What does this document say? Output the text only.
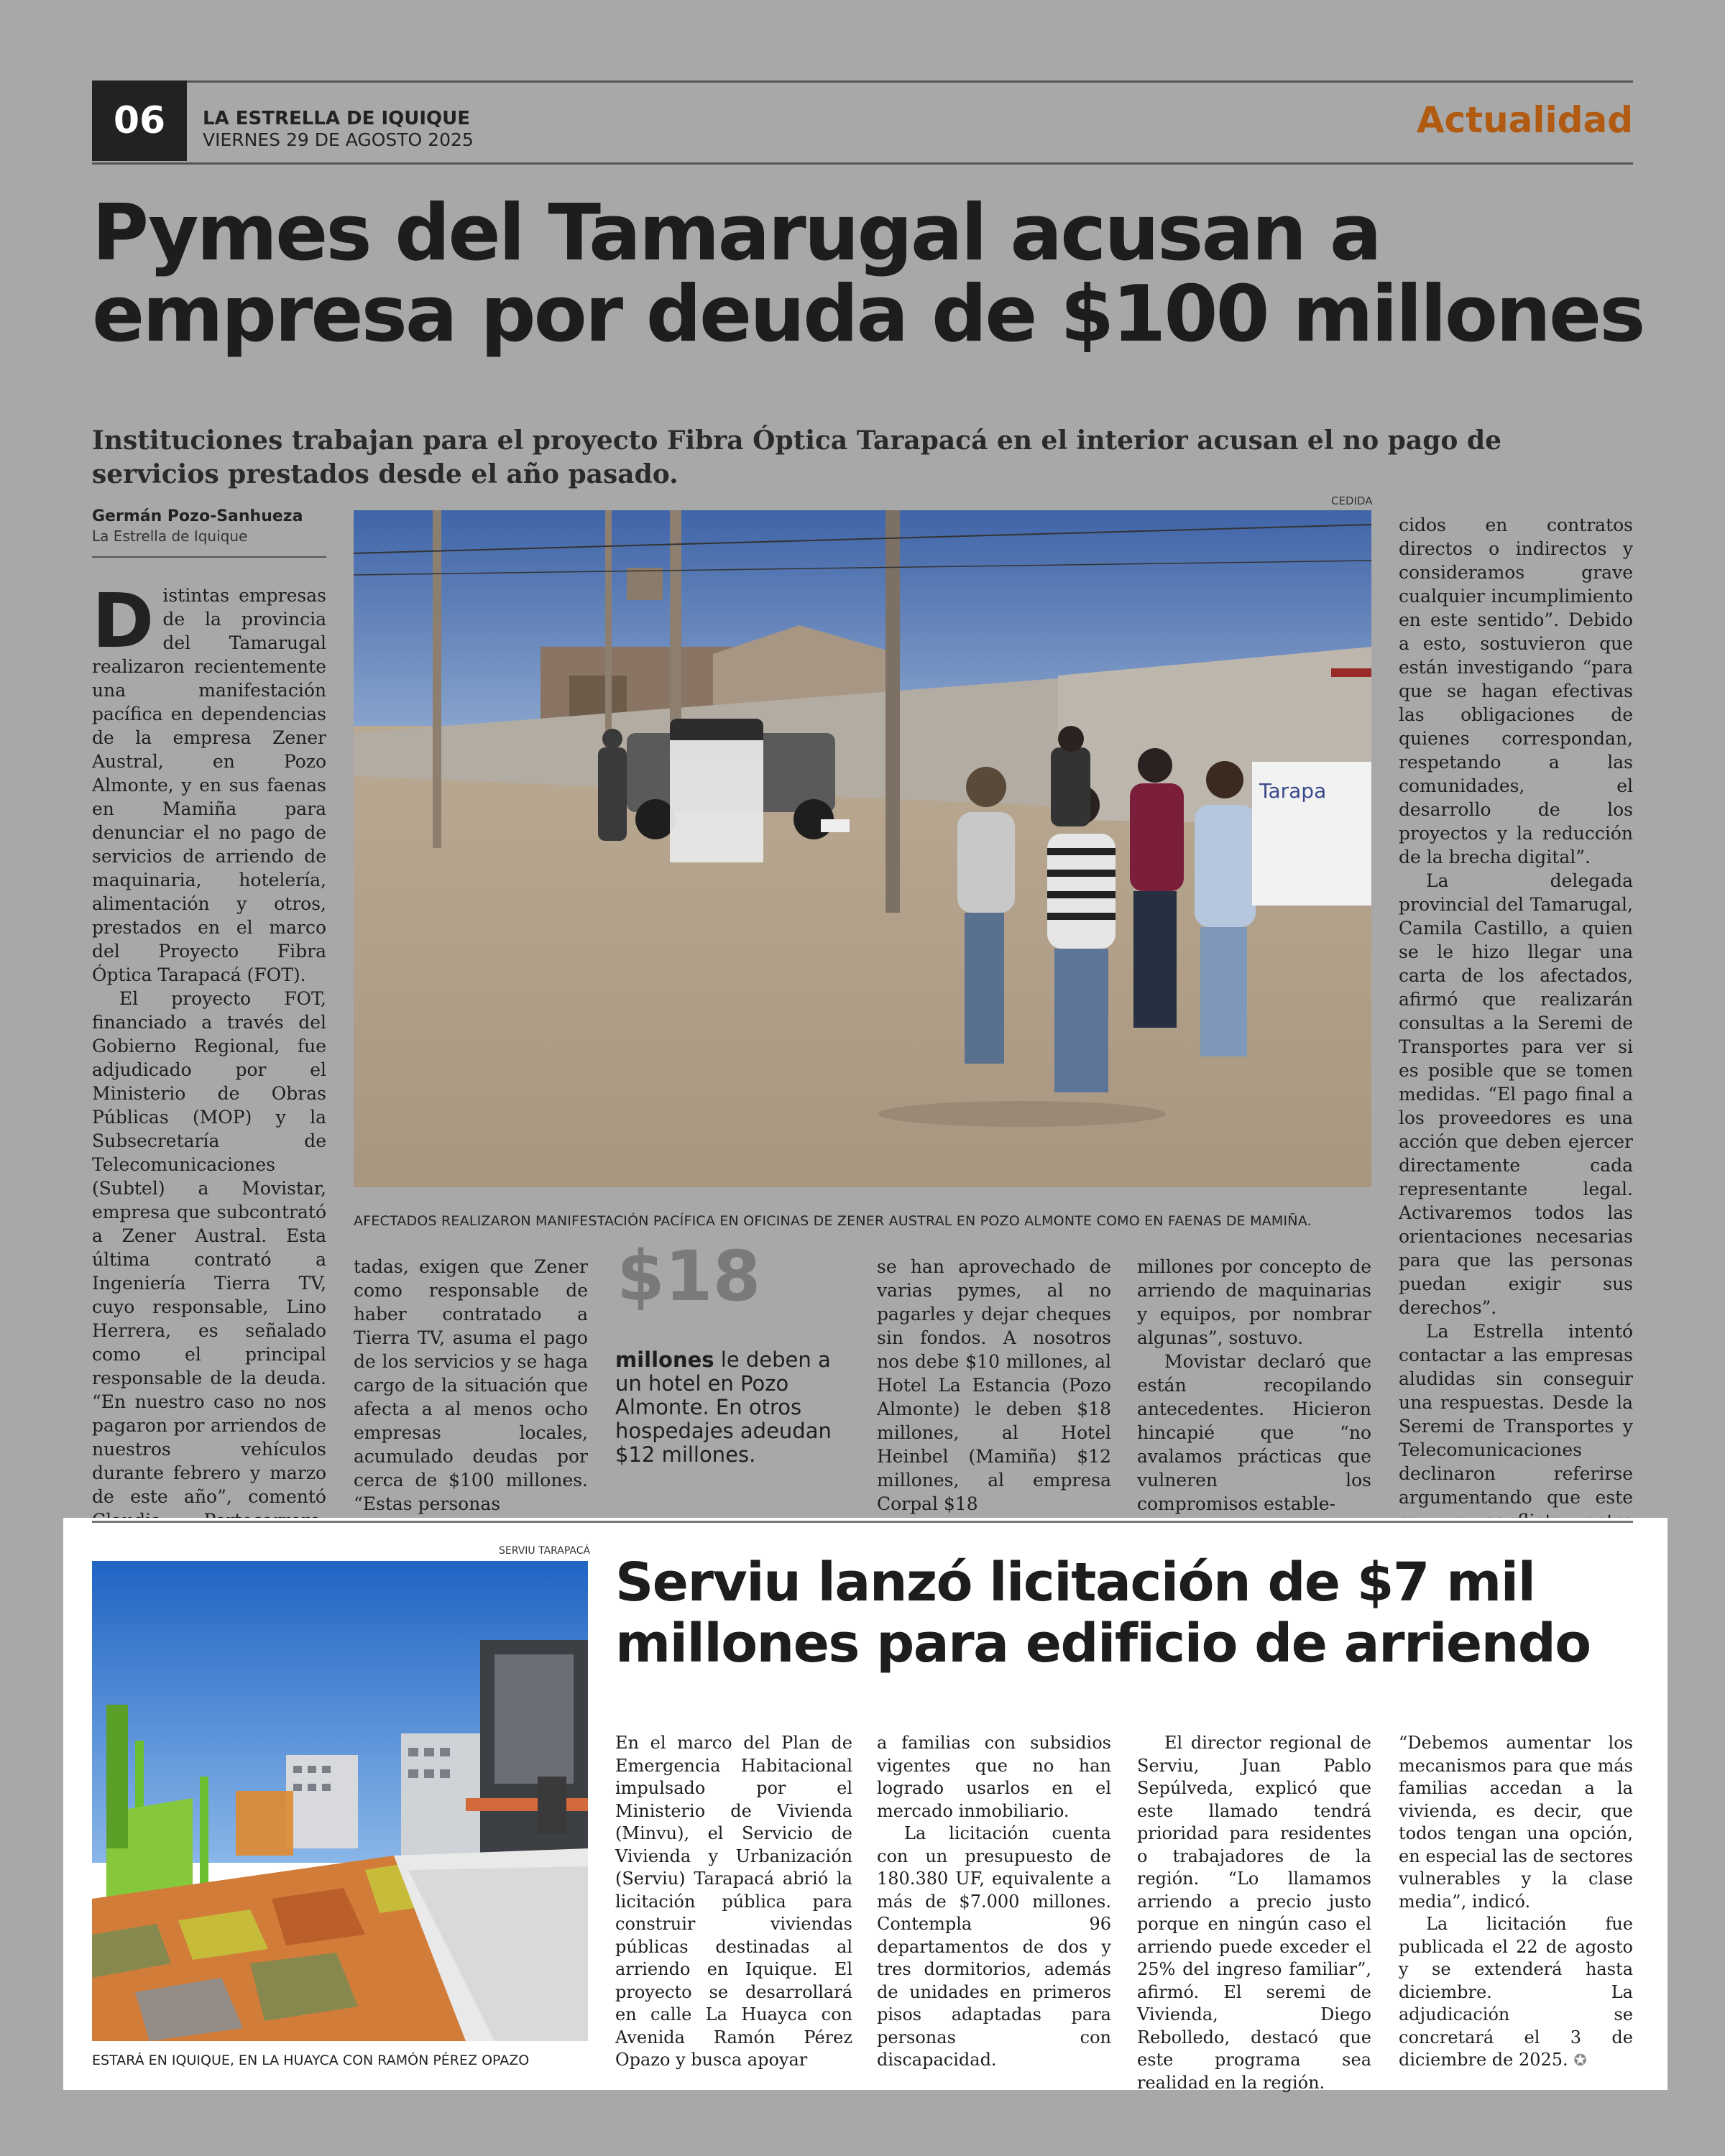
06	LA ESTRELLA DE IQUIQUE
VIERNES 29 DE AGOSTO 2025	Actualidad
Pymes del Tamarugal acusan a
empresa por deuda de $100 millones
Instituciones trabajan para el proyecto Fibra Óptica Tarapacá en el interior acusan el no pago de servicios prestados desde el año pasado.
Germán Pozo-Sanhueza
La Estrella de Iquique
CEDIDA
Tarapa
AFECTADOS REALIZARON MANIFESTACIÓN PACÍFICA EN OFICINAS DE ZENER AUSTRAL EN POZO ALMONTE COMO EN FAENAS DE MAMIÑA.

Distintas empresas de la provincia del Tamarugal realizaron recientemente una manifestación pacífica en dependencias de la empresa Zener Austral, en Pozo Almonte, y en sus faenas en Mamiña para denunciar el no pago de servicios de arriendo de maquinaria, hotelería, alimentación y otros, prestados en el marco del Proyecto Fibra Óptica Tarapacá (FOT).

El proyecto FOT, financiado a través del Gobierno Regional, fue adjudicado por el Ministerio de Obras Públicas (MOP) y la Subsecretaría de Telecomunicaciones (Subtel) a Movistar, empresa que subcontrató a Zener Austral. Esta última contrató a Ingeniería Tierra TV, cuyo responsable, Lino Herrera, es señalado como el principal responsable de la deuda. “En nuestro caso no nos pagaron por arriendos de nuestros vehículos durante febrero y marzo de este año”, comentó

tadas, exigen que Zener como responsable de haber contratado a Tierra TV, asuma el pago de los servicios y se haga cargo de la situación que afecta a al menos ocho empresas locales, acumulado deudas por cerca de $100 millones. “Estas personas

$18
millones le deben a un hotel en Pozo Almonte. En otros hospedajes adeudan $12 millones.

se han aprovechado de varias pymes, al no pagarles y dejar cheques sin fondos. A nosotros nos debe $10 millones, al Hotel La Estancia (Pozo Almonte) le deben $18 millones, al Hotel Heinbel (Mamiña) $12 millones, al empresa Corpal $18

millones por concepto de arriendo de maquinarias y equipos, por nombrar algunas”, sostuvo.

Movistar declaró que están recopilando antecedentes. Hicieron hincapié que “no avalamos prácticas que vulneren los compromisos estable-

cidos en contratos directos o indirectos y consideramos grave cualquier incumplimiento en este sentido”. Debido a esto, sostuvieron que están investigando “para que se hagan efectivas las obligaciones de quienes correspondan, respetando a las comunidades, el desarrollo de los proyectos y la reducción de la brecha digital”.

La delegada provincial del Tamarugal, Camila Castillo, a quien se le hizo llegar una carta de los afectados, afirmó que realizarán consultas a la Seremi de Transportes para ver si es posible que se tomen medidas. “El pago final a los proveedores es una acción que deben ejercer directamente cada representante legal. Activaremos todos las orientaciones necesarias para que las personas puedan exigir sus derechos”.

La Estrella intentó contactar a las empresas aludidas sin conseguir una respuestas. Desde la Seremi de Transportes y Telecomunicaciones declinaron referirse argumentando que este

SERVIU TARAPACÁ
ESTARÁ EN IQUIQUE, EN LA HUAYCA CON RAMÓN PÉREZ OPAZO
Serviu lanzó licitación de $7 mil
millones para edificio de arriendo

En el marco del Plan de Emergencia Habitacional impulsado por el Ministerio de Vivienda (Minvu), el Servicio de Vivienda y Urbanización (Serviu) Tarapacá abrió la licitación pública para construir viviendas públicas destinadas al arriendo en Iquique. El proyecto se desarrollará en calle La Huayca con Avenida Ramón Pérez Opazo y busca apoyar

a familias con subsidios vigentes que no han logrado usarlos en el mercado inmobiliario.

La licitación cuenta con un presupuesto de 180.380 UF, equivalente a más de $7.000 millones. Contempla 96 departamentos de dos y tres dormitorios, además de unidades en primeros pisos adaptadas para personas con discapacidad.

El director regional de Serviu, Juan Pablo Sepúlveda, explicó que este llamado tendrá prioridad para residentes o trabajadores de la región. “Lo llamamos arriendo a precio justo porque en ningún caso el arriendo puede exceder el 25% del ingreso familiar”, afirmó. El seremi de Vivienda, Diego Rebolledo, destacó que este programa sea realidad en la región.

“Debemos aumentar los mecanismos para que más familias accedan a la vivienda, es decir, que todos tengan una opción, en especial las de sectores vulnerables y la clase media”, indicó.

La licitación fue publicada el 22 de agosto y se extenderá hasta diciembre. La adjudicación se concretará el 3 de diciembre de 2025. ✪
